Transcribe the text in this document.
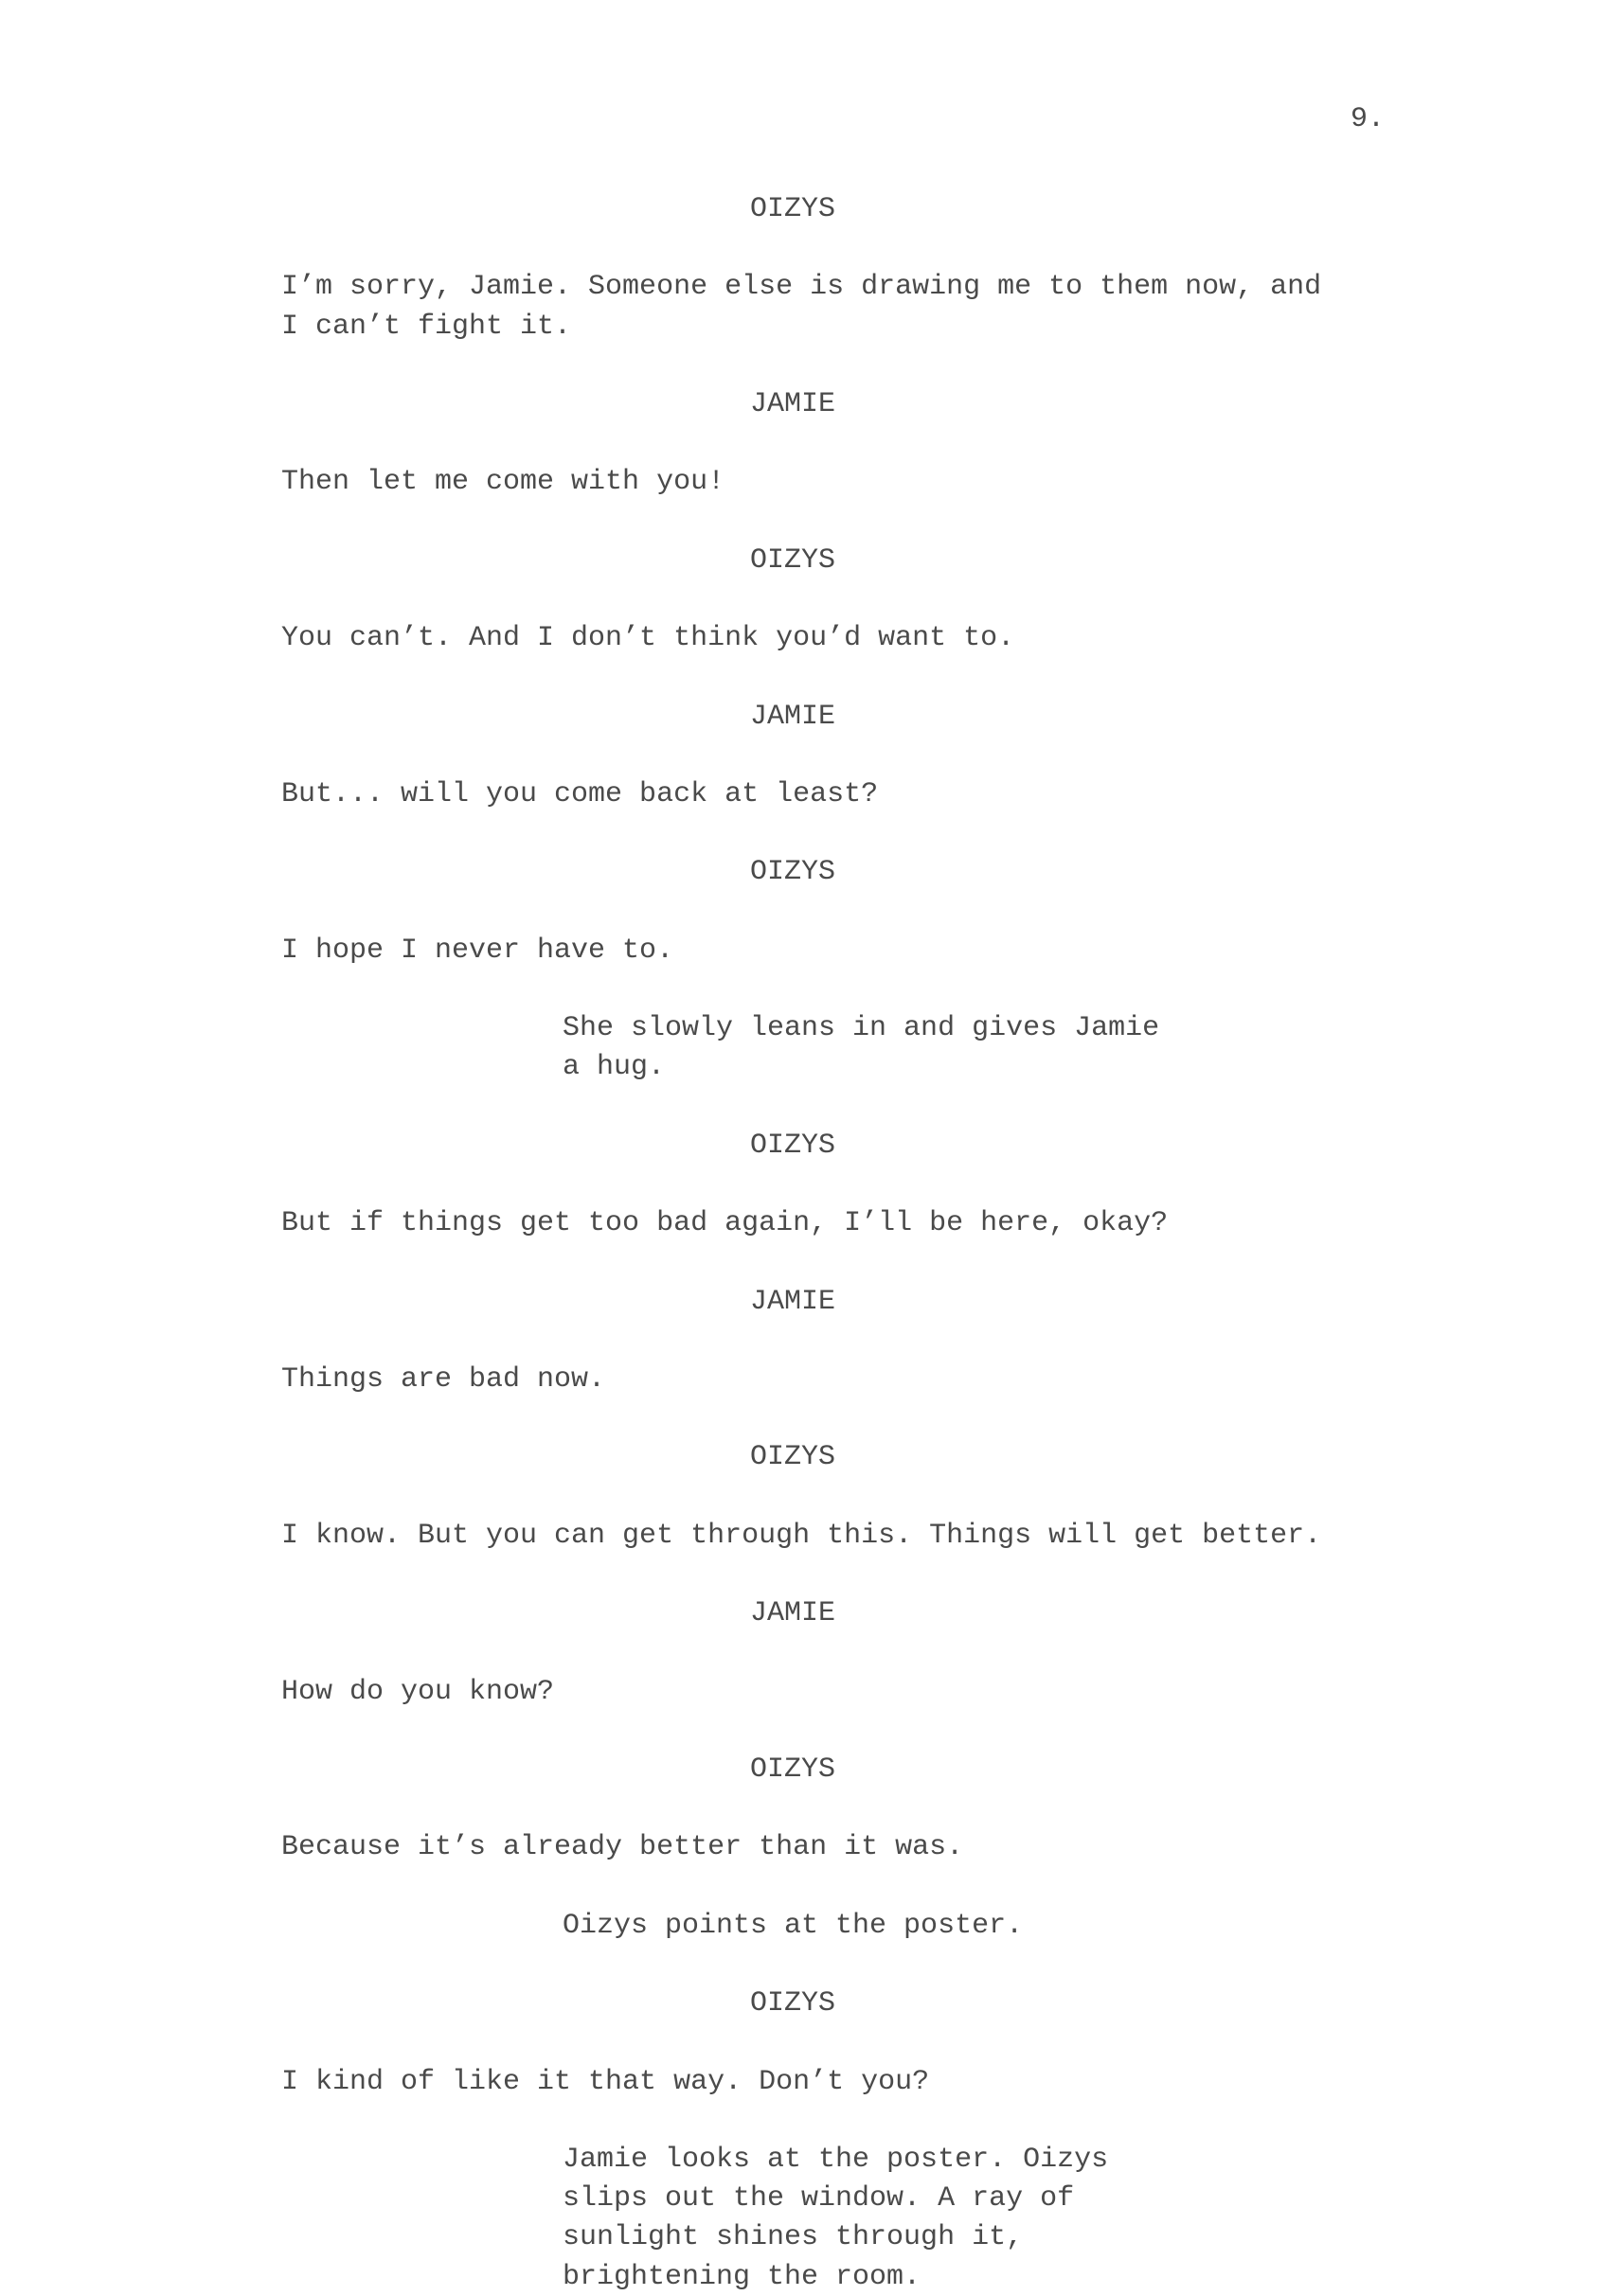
9.
OIZYS
I’m sorry, Jamie. Someone else is drawing me to them now, and
I can’t fight it.
JAMIE
Then let me come with you!
OIZYS
You can’t. And I don’t think you’d want to.
JAMIE
But... will you come back at least?
OIZYS
I hope I never have to.
She slowly leans in and gives Jamie
a hug.
OIZYS
But if things get too bad again, I’ll be here, okay?
JAMIE
Things are bad now.
OIZYS
I know. But you can get through this. Things will get better.
JAMIE
How do you know?
OIZYS
Because it’s already better than it was.
Oizys points at the poster.
OIZYS
I kind of like it that way. Don’t you?
Jamie looks at the poster. Oizys
slips out the window. A ray of
sunlight shines through it,
brightening the room.
